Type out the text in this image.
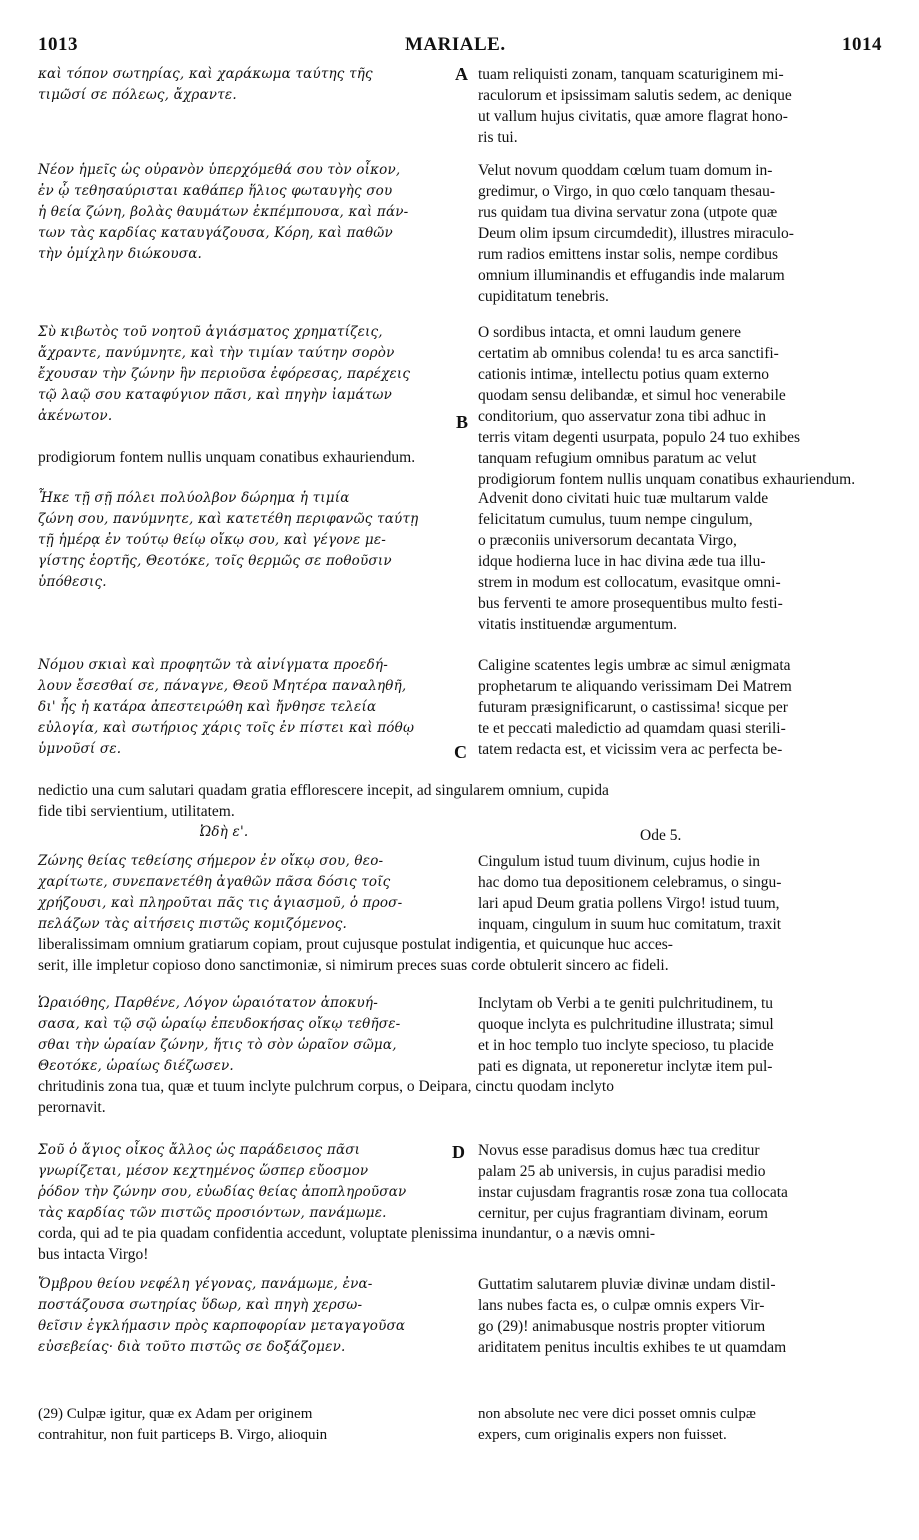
1013	MARIALE.	1014
A
B
C
D
καὶ τόπον σωτηρίας, καὶ χαράκωμα ταύτης τῆς
τιμῶσί σε πόλεως, ἄχραντε.
tuam reliquisti zonam, tanquam scaturiginem mi-
raculorum et ipsissimam salutis sedem, ac denique
ut vallum hujus civitatis, quæ amore flagrat hono-
ris tui.
Νέον ἡμεῖς ὡς οὐρανὸν ὑπερχόμεθά σου τὸν οἶκον,
ἐν ᾧ τεθησαύρισται καθάπερ ἥλιος φωταυγὴς σου
ἡ θεία ζώνη, βολὰς θαυμάτων ἐκπέμπουσα, καὶ πάν-
των τὰς καρδίας καταυγάζουσα, Κόρη, καὶ παθῶν
τὴν ὀμίχλην διώκουσα.
Velut novum quoddam cœlum tuam domum in-
gredimur, o Virgo, in quo cœlo tanquam thesau-
rus quidam tua divina servatur zona (utpote quæ
Deum olim ipsum circumdedit), illustres miraculo-
rum radios emittens instar solis, nempe cordibus
omnium illuminandis et effugandis inde malarum
cupiditatum tenebris.
Σὺ κιβωτὸς τοῦ νοητοῦ ἁγιάσματος χρηματίζεις,
ἄχραντε, πανύμνητε, καὶ τὴν τιμίαν ταύτην σορὸν
ἔχουσαν τὴν ζώνην ἣν περιοῦσα ἐφόρεσας, παρέχεις
τῷ λαῷ σου καταφύγιον πᾶσι, καὶ πηγὴν ἰαμάτων
ἀκένωτον.
O sordibus intacta, et omni laudum genere
certatim ab omnibus colenda! tu es arca sanctifi-
cationis intimæ, intellectu potius quam externo
quodam sensu delibandæ, et simul hoc venerabile
conditorium, quo asservatur zona tibi adhuc in
terris vitam degenti usurpata, populo 24 tuo exhibes
tanquam refugium omnibus paratum ac velut
prodigiorum fontem nullis unquam conatibus exhauriendum.
Ἧκε τῇ σῇ πόλει πολύολβον δώρημα ἡ τιμία
ζώνη σου, πανύμνητε, καὶ κατετέθη περιφανῶς ταύτῃ
τῇ ἡμέρᾳ ἐν τούτῳ θείῳ οἴκῳ σου, καὶ γέγονε με-
γίστης ἑορτῆς, Θεοτόκε, τοῖς θερμῶς σε ποθοῦσιν
ὑπόθεσις.
Advenit dono civitati huic tuæ multarum valde
felicitatum cumulus, tuum nempe cingulum,
o præconiis universorum decantata Virgo,
idque hodierna luce in hac divina æde tua illu-
strem in modum est collocatum, evasitque omni-
bus ferventi te amore prosequentibus multo festi-
vitatis instituendæ argumentum.
Νόμου σκιαὶ καὶ προφητῶν τὰ αἰνίγματα προεδή-
λουν ἔσεσθαί σε, πάναγνε, Θεοῦ Μητέρα παναληθῆ,
δι' ἧς ἡ κατάρα ἀπεστειρώθη καὶ ἤνθησε τελεία
εὐλογία, καὶ σωτήριος χάρις τοῖς ἐν πίστει καὶ πόθῳ
ὑμνοῦσί σε.
Caligine scatentes legis umbræ ac simul ænigmata
prophetarum te aliquando verissimam Dei Matrem
futuram præsignificarunt, o castissima! sicque per
te et peccati maledictio ad quamdam quasi sterili-
tatem redacta est, et vicissim vera ac perfecta be-
prodigiorum fontem nullis unquam conatibus exhauriendum.
nedictio una cum salutari quadam gratia efflorescere incepit, ad singularem omnium, cupida
fide tibi servientium, utilitatem.
Ὠδὴ ε'.	Ode 5.
Ζώνης θείας τεθείσης σήμερον ἐν οἴκῳ σου, θεο-
χαρίτωτε, συνεπανετέθη ἀγαθῶν πᾶσα δόσις τοῖς
χρήζουσι, καὶ πληροῦται πᾶς τις ἁγιασμοῦ, ὁ προσ-
πελάζων τὰς αἰτήσεις πιστῶς κομιζόμενος.
Cingulum istud tuum divinum, cujus hodie in
hac domo tua depositionem celebramus, o singu-
lari apud Deum gratia pollens Virgo! istud tuum,
inquam, cingulum in suum huc comitatum, traxit
Ὡραιόθης, Παρθένε, Λόγον ὡραιότατον ἀποκυή-
σασα, καὶ τῷ σῷ ὡραίῳ ἐπευδοκήσας οἴκῳ τεθῆσε-
σθαι τὴν ὡραίαν ζώνην, ἥτις τὸ σὸν ὡραῖον σῶμα,
Θεοτόκε, ὡραίως διέζωσεν.
Inclytam ob Verbi a te geniti pulchritudinem, tu
quoque inclyta es pulchritudine illustrata; simul
et in hoc templo tuo inclyte specioso, tu placide
pati es dignata, ut reponeretur inclytæ item pul-
Σοῦ ὁ ἅγιος οἶκος ἄλλος ὡς παράδεισος πᾶσι
γνωρίζεται, μέσον κεχτημένος ὥσπερ εὔοσμον
ῥόδον τὴν ζώνην σου, εὐωδίας θείας ἀποπληροῦσαν
τὰς καρδίας τῶν πιστῶς προσιόντων, πανάμωμε.
Novus esse paradisus domus hæc tua creditur
palam 25 ab universis, in cujus paradisi medio
instar cujusdam fragrantis rosæ zona tua collocata
cernitur, per cujus fragrantiam divinam, eorum
Ὄμβρου θείου νεφέλη γέγονας, πανάμωμε, ἐνα-
ποστάζουσα σωτηρίας ὕδωρ, καὶ πηγὴ χερσω-
θεῖσιν ἐγκλήμασιν πρὸς καρποφορίαν μεταγαγοῦσα
εὐσεβείας· διὰ τοῦτο πιστῶς σε δοξάζομεν.
Guttatim salutarem pluviæ divinæ undam distil-
lans nubes facta es, o culpæ omnis expers Vir-
go (29)! animabusque nostris propter vitiorum
ariditatem penitus incultis exhibes te ut quamdam
liberalissimam omnium gratiarum copiam, prout cujusque postulat indigentia, et quicunque huc acces-
serit, ille impletur copioso dono sanctimoniæ, si nimirum preces suas corde obtulerit sincero ac fideli.
chritudinis zona tua, quæ et tuum inclyte pulchrum corpus, o Deipara, cinctu quodam inclyto
perornavit.
corda, qui ad te pia quadam confidentia accedunt, voluptate plenissima inundantur, o a nævis omni-
bus intacta Virgo!
(29) Culpæ igitur, quæ ex Adam per originem
contrahitur, non fuit particeps B. Virgo, alioquin
non absolute nec vere dici posset omnis culpæ
expers, cum originalis expers non fuisset.
